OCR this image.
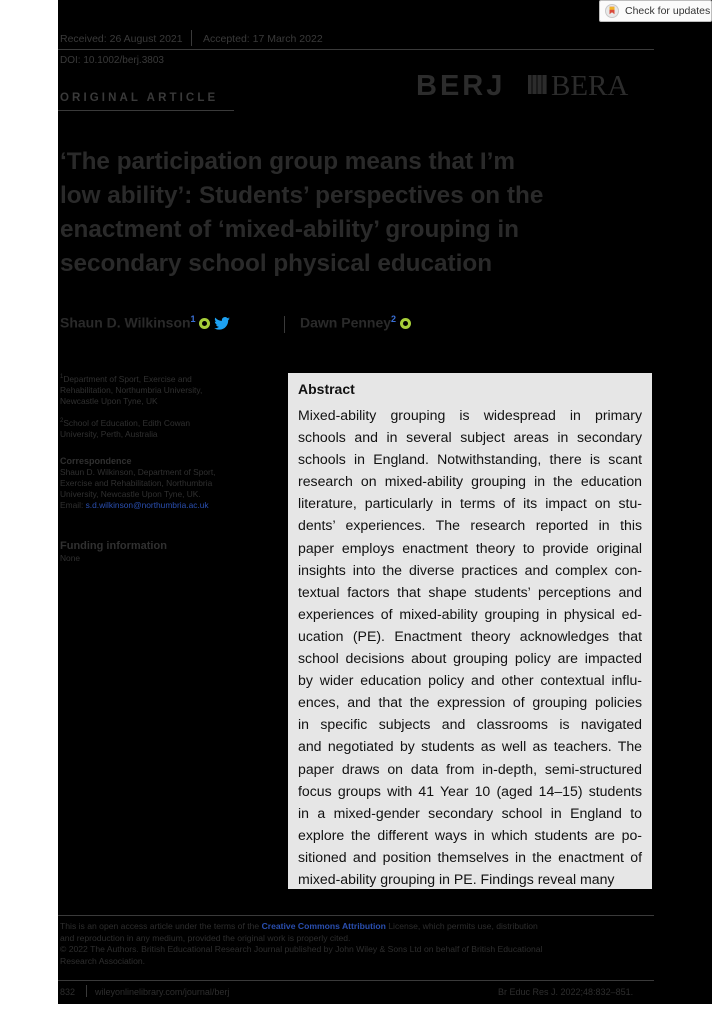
Received: 26 August 2021 Accepted: 17 March 2022
DOI: 10.1002/berj.3803
ORIGINAL ARTICLE	BERJ BERA
‘The participation group means that I’m
low ability’: Students’ perspectives on the
enactment of ‘mixed-ability’ grouping in
secondary school physical education
Shaun D. Wilkinson$^1$	Dawn Penney$^2$
$^1$Department of Sport, Exercise and
Rehabilitation, Northumbria University,
Newcastle Upon Tyne, UK
$^2$School of Education, Edith Cowan
University, Perth, Australia
Correspondence
Shaun D. Wilkinson, Department of Sport,
Exercise and Rehabilitation, Northumbria
University, Newcastle Upon Tyne, UK.
Email: s.d.wilkinson@northumbria.ac.uk
Funding information
None
This is an open access article under the terms of the Creative Commons Attribution License, which permits use, distribution
and reproduction in any medium, provided the original work is properly cited.
© 2022 The Authors. British Educational Research Journal published by John Wiley & Sons Ltd on behalf of British Educational
Research Association.
832 wileyonlinelibrary.com/journal/berj	Br Educ Res J. 2022;48:832–851.
Abstract
Mixed-ability grouping is widespread in primary
schools and in several subject areas in secondary
schools in England. Notwithstanding, there is scant
research on mixed-ability grouping in the education
literature, particularly in terms of its impact on stu-
dents’ experiences. The research reported in this
paper employs enactment theory to provide original
insights into the diverse practices and complex con-
textual factors that shape students’ perceptions and
experiences of mixed-ability grouping in physical ed-
ucation (PE). Enactment theory acknowledges that
school decisions about grouping policy are impacted
by wider education policy and other contextual influ-
ences, and that the expression of grouping policies
in specific subjects and classrooms is navigated
and negotiated by students as well as teachers. The
paper draws on data from in-depth, semi-structured
focus groups with 41 Year 10 (aged 14–15) students
in a mixed-gender secondary school in England to
explore the different ways in which students are po-
sitioned and position themselves in the enactment of
mixed-ability grouping in PE. Findings reveal many
Check for updates
